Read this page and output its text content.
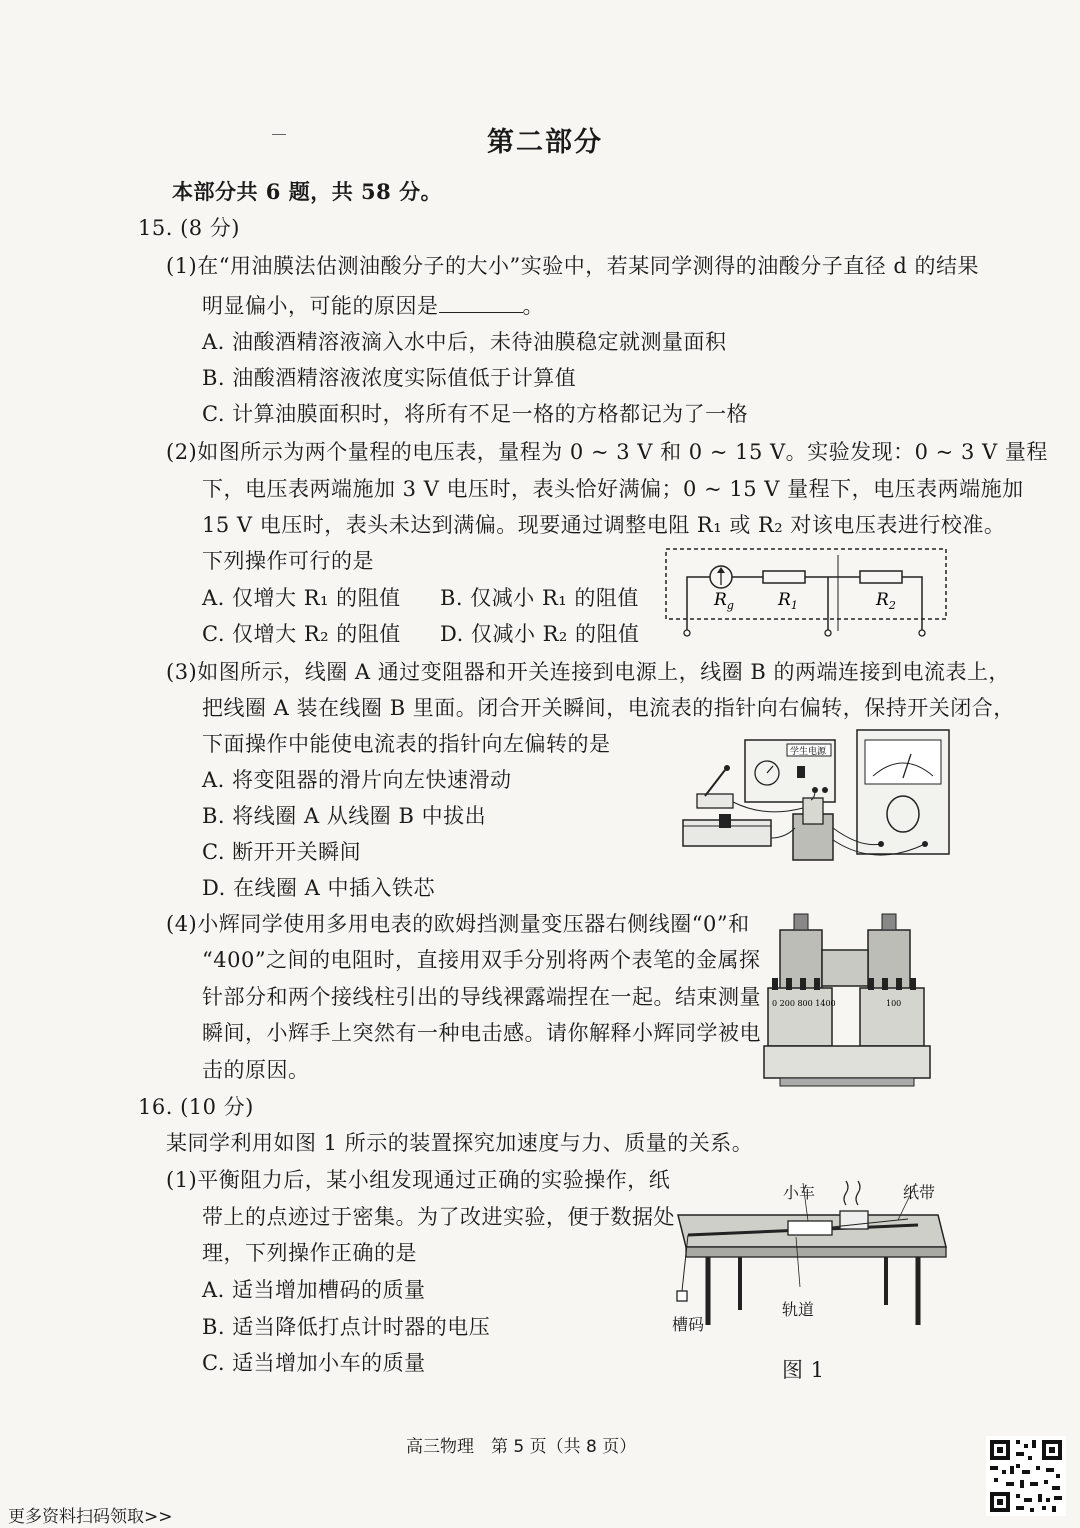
第二部分
本部分共 6 题，共 58 分。
15. (8 分)
(1)在“用油膜法估测油酸分子的大小”实验中，若某同学测得的油酸分子直径 d 的结果
明显偏小，可能的原因是	。
A. 油酸酒精溶液滴入水中后，未待油膜稳定就测量面积
B. 油酸酒精溶液浓度实际值低于计算值
C. 计算油膜面积时，将所有不足一格的方格都记为了一格
(2)如图所示为两个量程的电压表，量程为 0 ~ 3 V 和 0 ~ 15 V。实验发现：0 ~ 3 V 量程
下，电压表两端施加 3 V 电压时，表头恰好满偏；0 ~ 15 V 量程下，电压表两端施加
15 V 电压时，表头未达到满偏。现要通过调整电阻 R₁ 或 R₂ 对该电压表进行校准。
下列操作可行的是
A. 仅增大 R₁ 的阻值 B. 仅减小 R₁ 的阻值
C. 仅增大 R₂ 的阻值 D. 仅减小 R₂ 的阻值
$R_g$	$R_1$	$R_2$
(3)如图所示，线圈 A 通过变阻器和开关连接到电源上，线圈 B 的两端连接到电流表上，
把线圈 A 装在线圈 B 里面。闭合开关瞬间，电流表的指针向右偏转，保持开关闭合，
下面操作中能使电流表的指针向左偏转的是
A. 将变阻器的滑片向左快速滑动
B. 将线圈 A 从线圈 B 中拔出
C. 断开开关瞬间
D. 在线圈 A 中插入铁芯
学生电源
(4)小辉同学使用多用电表的欧姆挡测量变压器右侧线圈“0”和
“400”之间的电阻时，直接用双手分别将两个表笔的金属探
针部分和两个接线柱引出的导线裸露端捏在一起。结束测量
瞬间，小辉手上突然有一种电击感。请你解释小辉同学被电
击的原因。
0 200 800 1400	100
16. (10 分)
某同学利用如图 1 所示的装置探究加速度与力、质量的关系。
(1)平衡阻力后，某小组发现通过正确的实验操作，纸
带上的点迹过于密集。为了改进实验，便于数据处
理，下列操作正确的是
A. 适当增加槽码的质量
B. 适当降低打点计时器的电压
C. 适当增加小车的质量
小车	纸带
轨道
槽码
图 1
高三物理　第 5 页（共 8 页）
更多资料扫码领取>>
